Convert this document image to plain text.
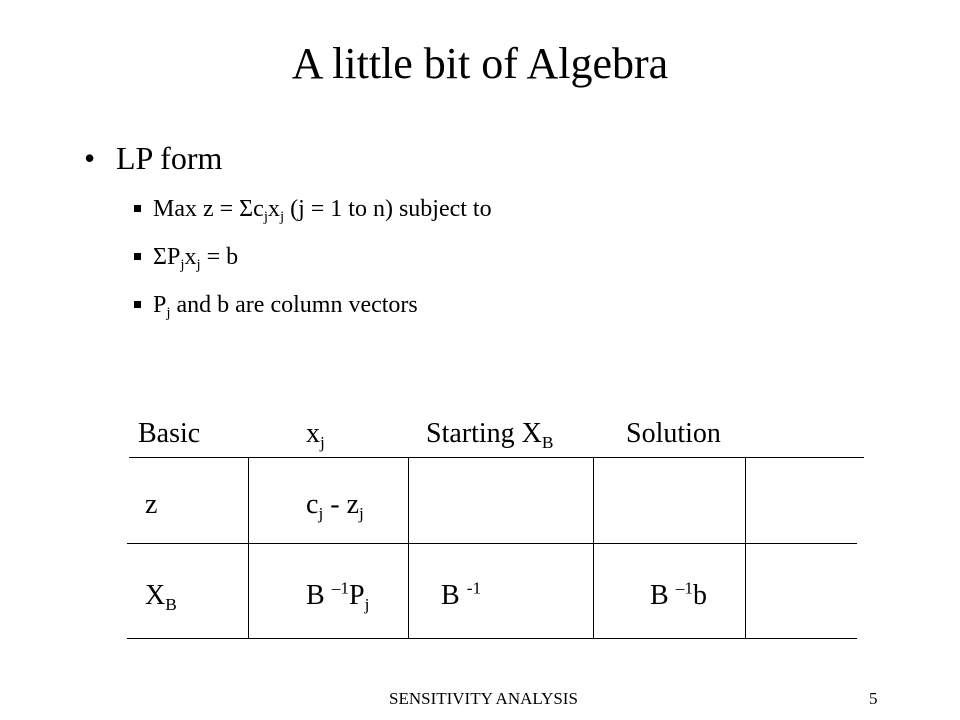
A little bit of Algebra
• LP form
Max $z = \Sigma c_jx_j$ (j = 1 to n) subject to
$\Sigma P_jx_j = b$
$P_j$ and b are column vectors
Basic	$x_j$	Starting $X_B$	Solution
z	$c_j - z_j$
$X_B$	B $^{-1}P_j$	B $^{-1}$	B $^{-1}$b
SENSITIVITY ANALYSIS	5
